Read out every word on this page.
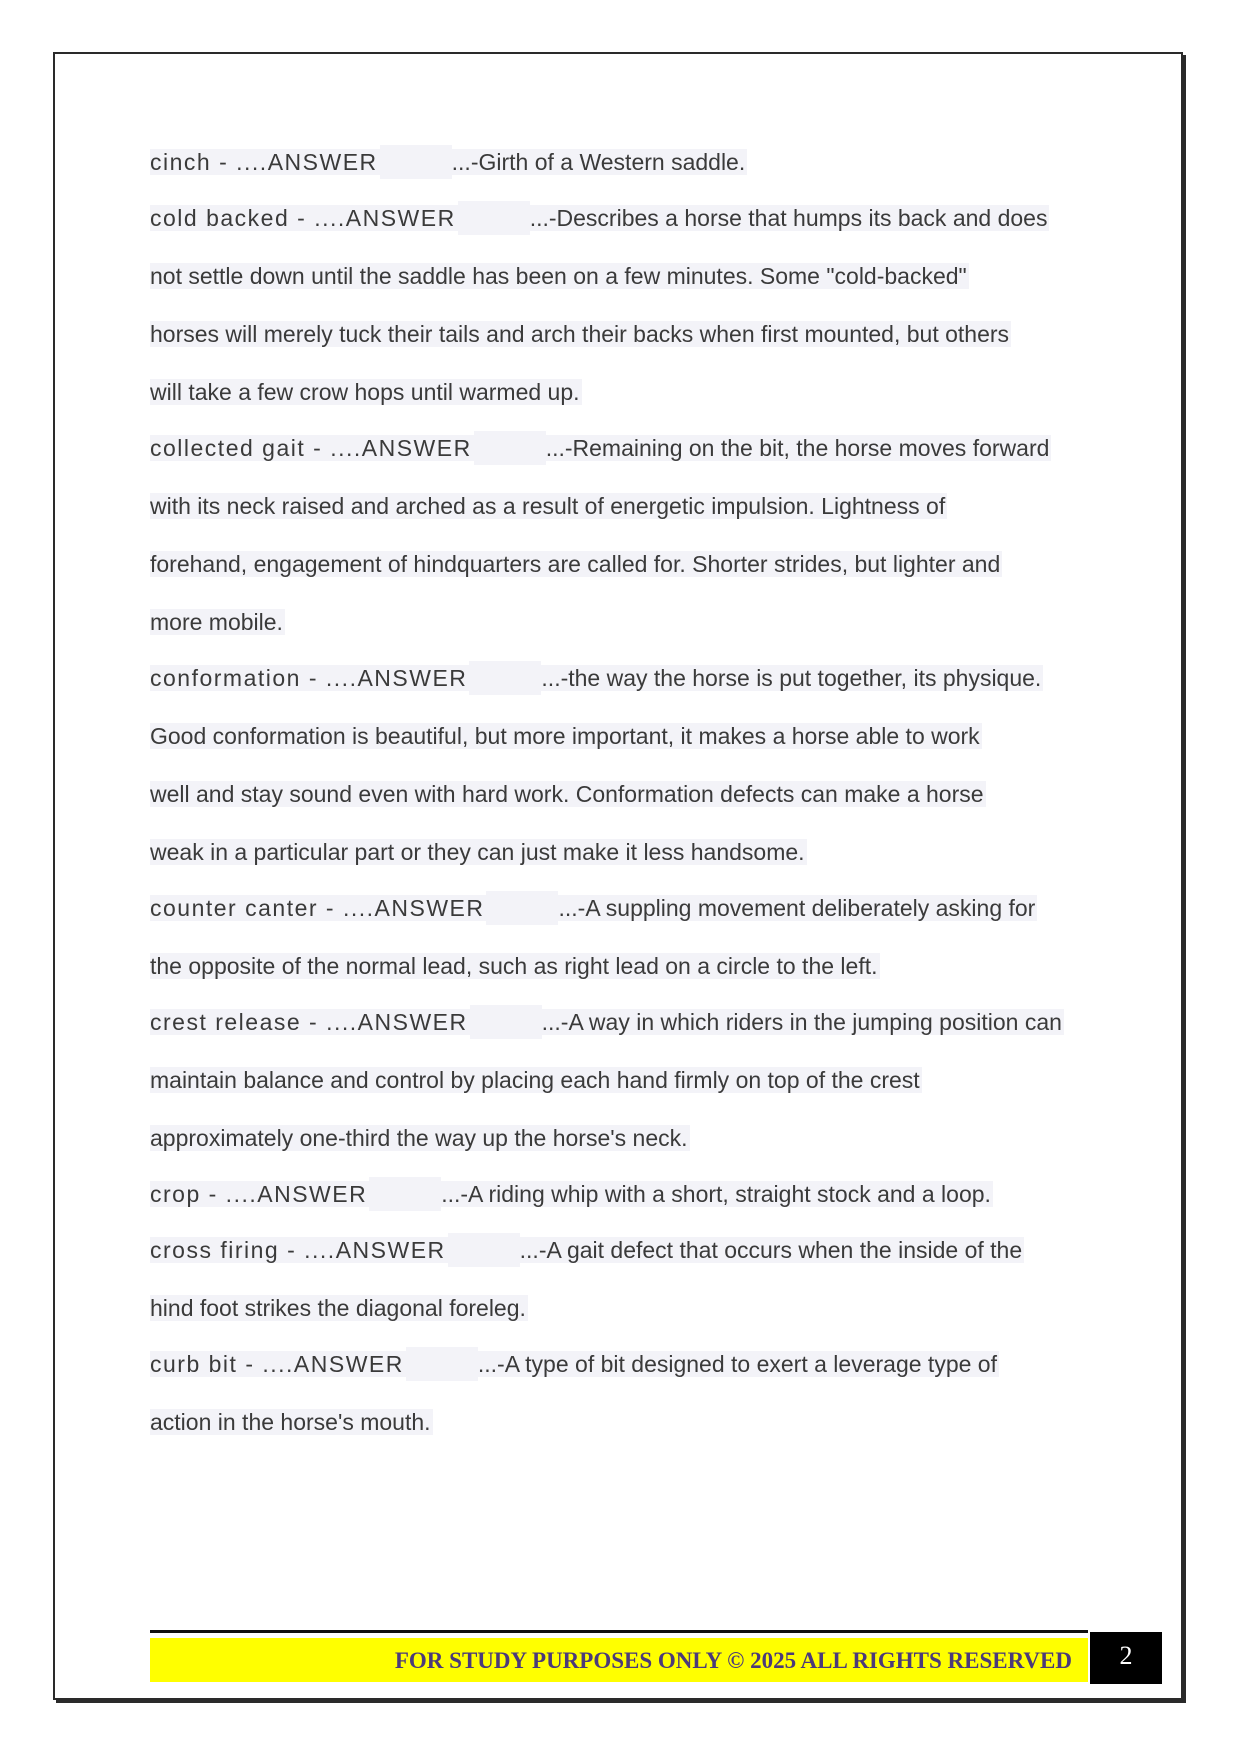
cinch - ....ANSWER	...-Girth of a Western saddle.
cold backed - ....ANSWER	...-Describes a horse that humps its back and does
not settle down until the saddle has been on a few minutes. Some "cold-backed"
horses will merely tuck their tails and arch their backs when first mounted, but others
will take a few crow hops until warmed up.
collected gait - ....ANSWER	...-Remaining on the bit, the horse moves forward
with its neck raised and arched as a result of energetic impulsion. Lightness of
forehand, engagement of hindquarters are called for. Shorter strides, but lighter and
more mobile.
conformation - ....ANSWER	...-the way the horse is put together, its physique.
Good conformation is beautiful, but more important, it makes a horse able to work
well and stay sound even with hard work. Conformation defects can make a horse
weak in a particular part or they can just make it less handsome.
counter canter - ....ANSWER	...-A suppling movement deliberately asking for
the opposite of the normal lead, such as right lead on a circle to the left.
crest release - ....ANSWER	...-A way in which riders in the jumping position can
maintain balance and control by placing each hand firmly on top of the crest
approximately one-third the way up the horse's neck.
crop - ....ANSWER	...-A riding whip with a short, straight stock and a loop.
cross firing - ....ANSWER	...-A gait defect that occurs when the inside of the
hind foot strikes the diagonal foreleg.
curb bit - ....ANSWER	...-A type of bit designed to exert a leverage type of
action in the horse's mouth.
FOR STUDY PURPOSES ONLY © 2025 ALL RIGHTS RESERVED	2
